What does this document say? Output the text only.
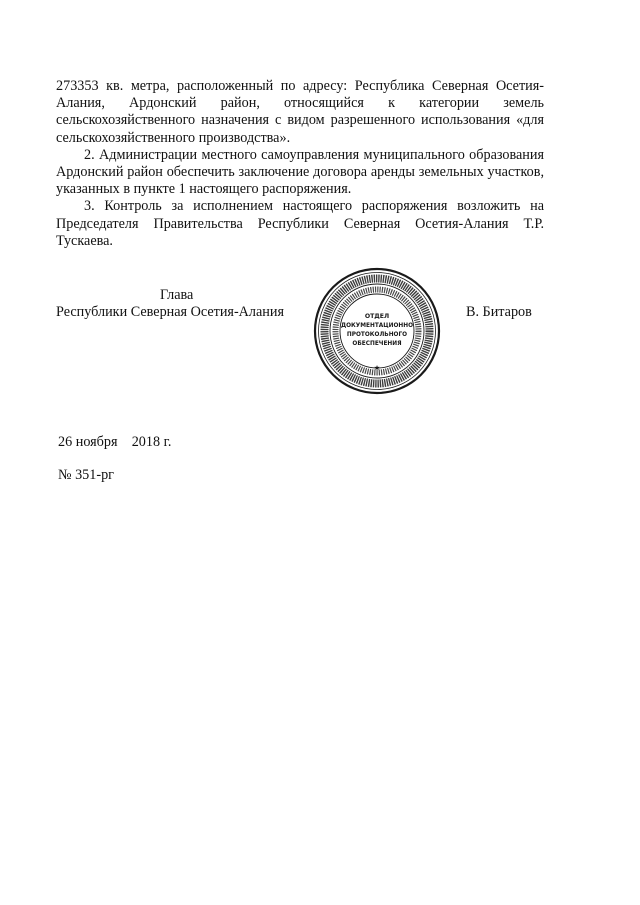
273353 кв. метра, расположенный по адресу: Республика Северная Осетия-Алания, Ардонский район, относящийся к категории земель сельскохозяйственного назначения с видом разрешенного использования «для сельскохозяйственного производства».

2. Администрации местного самоуправления муниципального образования Ардонский район обеспечить заключение договора аренды земельных участков, указанных в пункте 1 настоящего распоряжения.

3. Контроль за исполнением настоящего распоряжения возложить на Председателя Правительства Республики Северная Осетия-Алания Т.Р. Тускаева.

Глава
Республики Северная Осетия-Алания	В. Битаров
★
ОТДЕЛ
ДОКУМЕНТАЦИОННО
ПРОТОКОЛЬНОГО
ОБЕСПЕЧЕНИЯ
26 ноября    2018 г.
№ 351-рг
